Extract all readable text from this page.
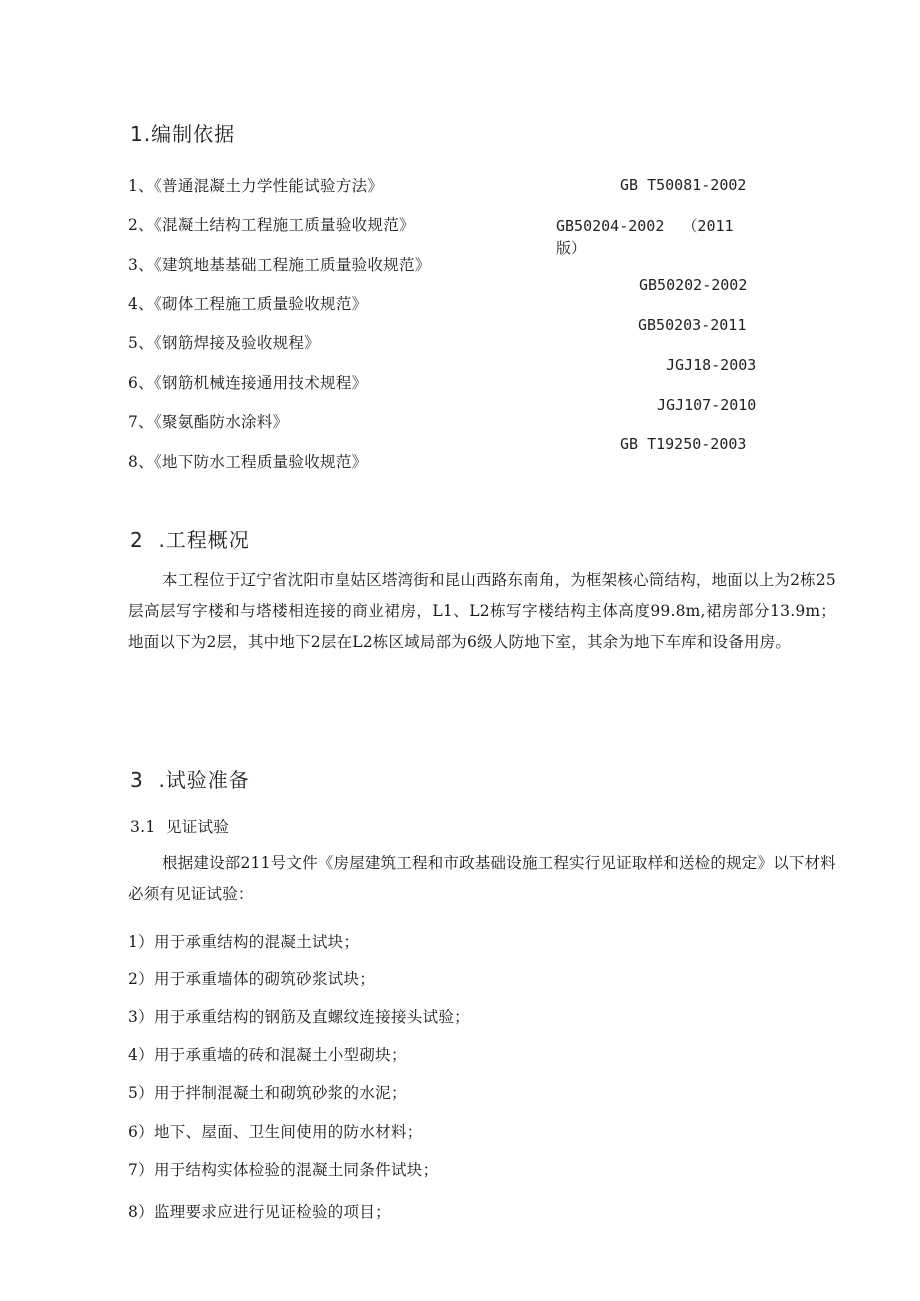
1.编制依据
1、《普通混凝土力学性能试验方法》	GB T50081-2002
2、《混凝土结构工程施工质量验收规范》	GB50204-2002  （2011
版）
3、《建筑地基基础工程施工质量验收规范》
GB50202-2002
4、《砌体工程施工质量验收规范》
GB50203-2011
5、《钢筋焊接及验收规程》
JGJ18-2003
6、《钢筋机械连接通用技术规程》
JGJ107-2010
7、《聚氨酯防水涂料》
GB T19250-2003
8、《地下防水工程质量验收规范》
2  .工程概况
本工程位于辽宁省沈阳市皇姑区塔湾街和昆山西路东南角，为框架核心筒结构，地面以上为2栋25层高层写字楼和与塔楼相连接的商业裙房，L1、L2栋写字楼结构主体高度99.8m,裙房部分13.9m；地面以下为2层，其中地下2层在L2栋区域局部为6级人防地下室，其余为地下车库和设备用房。
3  .试验准备
3.1  见证试验
根据建设部211号文件《房屋建筑工程和市政基础设施工程实行见证取样和送检的规定》以下材料必须有见证试验：
1）用于承重结构的混凝土试块；
2）用于承重墙体的砌筑砂浆试块；
3）用于承重结构的钢筋及直螺纹连接接头试验；
4）用于承重墙的砖和混凝土小型砌块；
5）用于拌制混凝土和砌筑砂浆的水泥；
6）地下、屋面、卫生间使用的防水材料；
7）用于结构实体检验的混凝土同条件试块；
8）监理要求应进行见证检验的项目；
